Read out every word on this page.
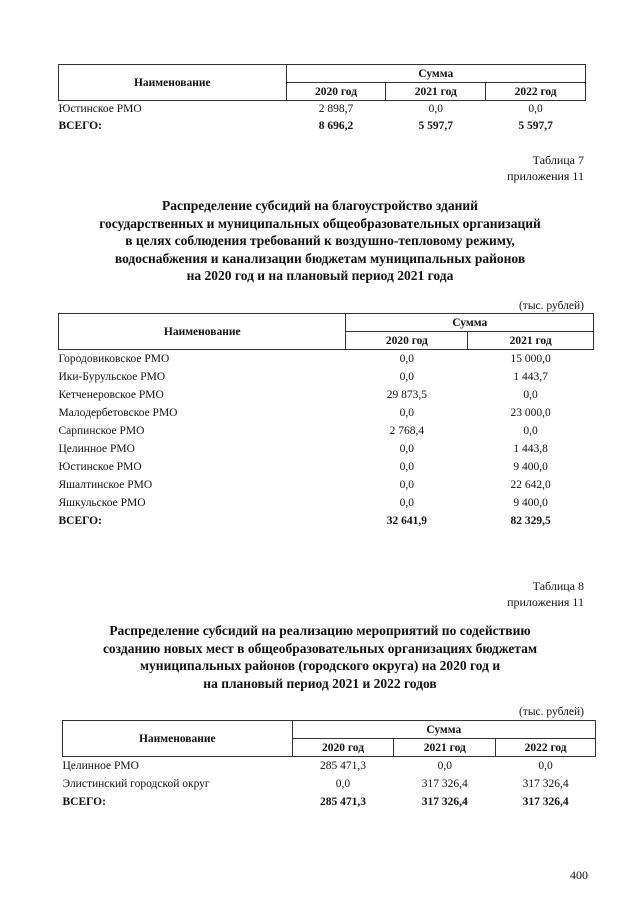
Наименование	Сумма		
	2020 год	2021 год	2022 год
Юстинское РМО	2 898,7	0,0	0,0
ВСЕГО:	8 696,2	5 597,7	5 597,7
Таблица 7
приложения 11
Распределение субсидий на благоустройство зданий
государственных и муниципальных общеобразовательных организаций
в целях соблюдения требований к воздушно-тепловому режиму,
водоснабжения и канализации бюджетам муниципальных районов
на 2020 год и на плановый период 2021 года
(тыс. рублей)
Наименование	Сумма	
	2020 год	2021 год
Городовиковское РМО	0,0	15 000,0
Ики-Бурульское РМО	0,0	1 443,7
Кетченеровское РМО	29 873,5	0,0
Малодербетовское РМО	0,0	23 000,0
Сарпинское РМО	2 768,4	0,0
Целинное РМО	0,0	1 443,8
Юстинское РМО	0,0	9 400,0
Яшалтинское РМО	0,0	22 642,0
Яшкульское РМО	0,0	9 400,0
ВСЕГО:	32 641,9	82 329,5
Таблица 8
приложения 11
Распределение субсидий на реализацию мероприятий по содействию
созданию новых мест в общеобразовательных организациях бюджетам
муниципальных районов (городского округа) на 2020 год и
на плановый период 2021 и 2022 годов
(тыс. рублей)
Наименование	Сумма		
	2020 год	2021 год	2022 год
Целинное РМО	285 471,3	0,0	0,0
Элистинский городской округ	0,0	317 326,4	317 326,4
ВСЕГО:	285 471,3	317 326,4	317 326,4
400
